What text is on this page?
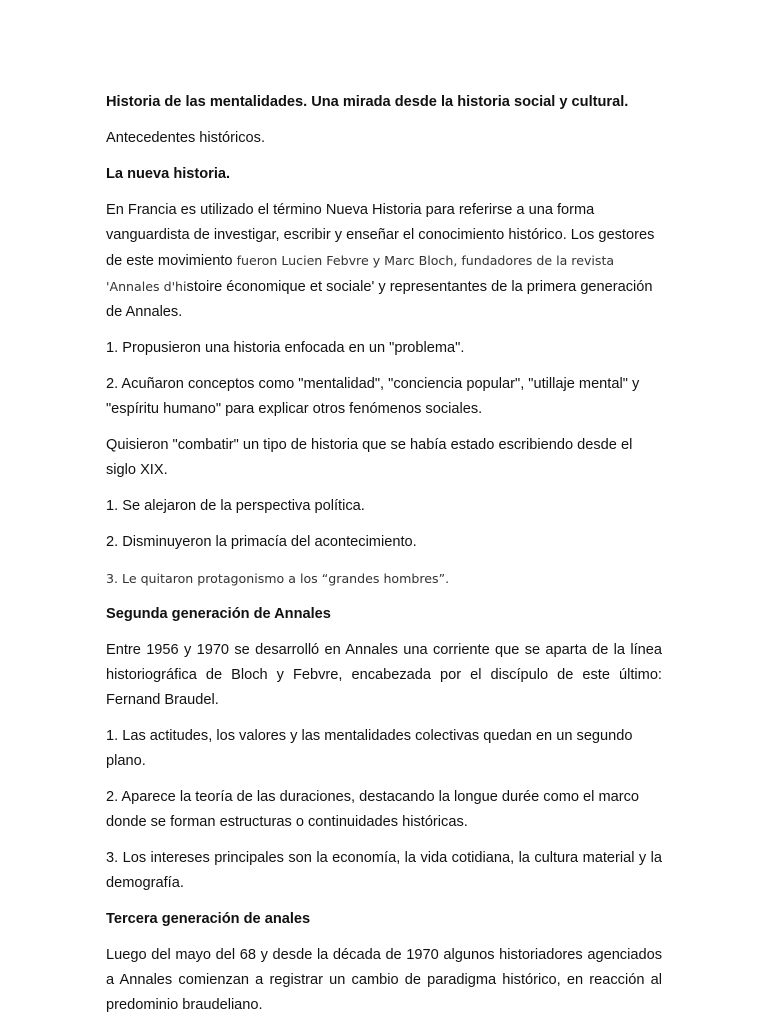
Historia de las mentalidades. Una mirada desde la historia social y cultural.

Antecedentes históricos.

La nueva historia.

En Francia es utilizado el término Nueva Historia para referirse a una forma vanguardista de investigar, escribir y enseñar el conocimiento histórico. Los gestores de este movimiento fueron Lucien Febvre y Marc Bloch, fundadores de la revista 'Annales d'histoire économique et sociale' y representantes de la primera generación de Annales.

1. Propusieron una historia enfocada en un "problema".

2. Acuñaron conceptos como "mentalidad", "conciencia popular", "utillaje mental" y "espíritu humano" para explicar otros fenómenos sociales.

Quisieron "combatir" un tipo de historia que se había estado escribiendo desde el siglo XIX.

1. Se alejaron de la perspectiva política.

2. Disminuyeron la primacía del acontecimiento.

3. Le quitaron protagonismo a los “grandes hombres”.

Segunda generación de Annales

Entre 1956 y 1970 se desarrolló en Annales una corriente que se aparta de la línea historiográfica de Bloch y Febvre, encabezada por el discípulo de este último: Fernand Braudel.

1. Las actitudes, los valores y las mentalidades colectivas quedan en un segundo plano.

2. Aparece la teoría de las duraciones, destacando la longue durée como el marco donde se forman estructuras o continuidades históricas.

3. Los intereses principales son la economía, la vida cotidiana, la cultura material y la demografía.

Tercera generación de anales

Luego del mayo del 68 y desde la década de 1970 algunos historiadores agenciados a Annales comienzan a registrar un cambio de paradigma histórico, en reacción al predominio braudeliano.
